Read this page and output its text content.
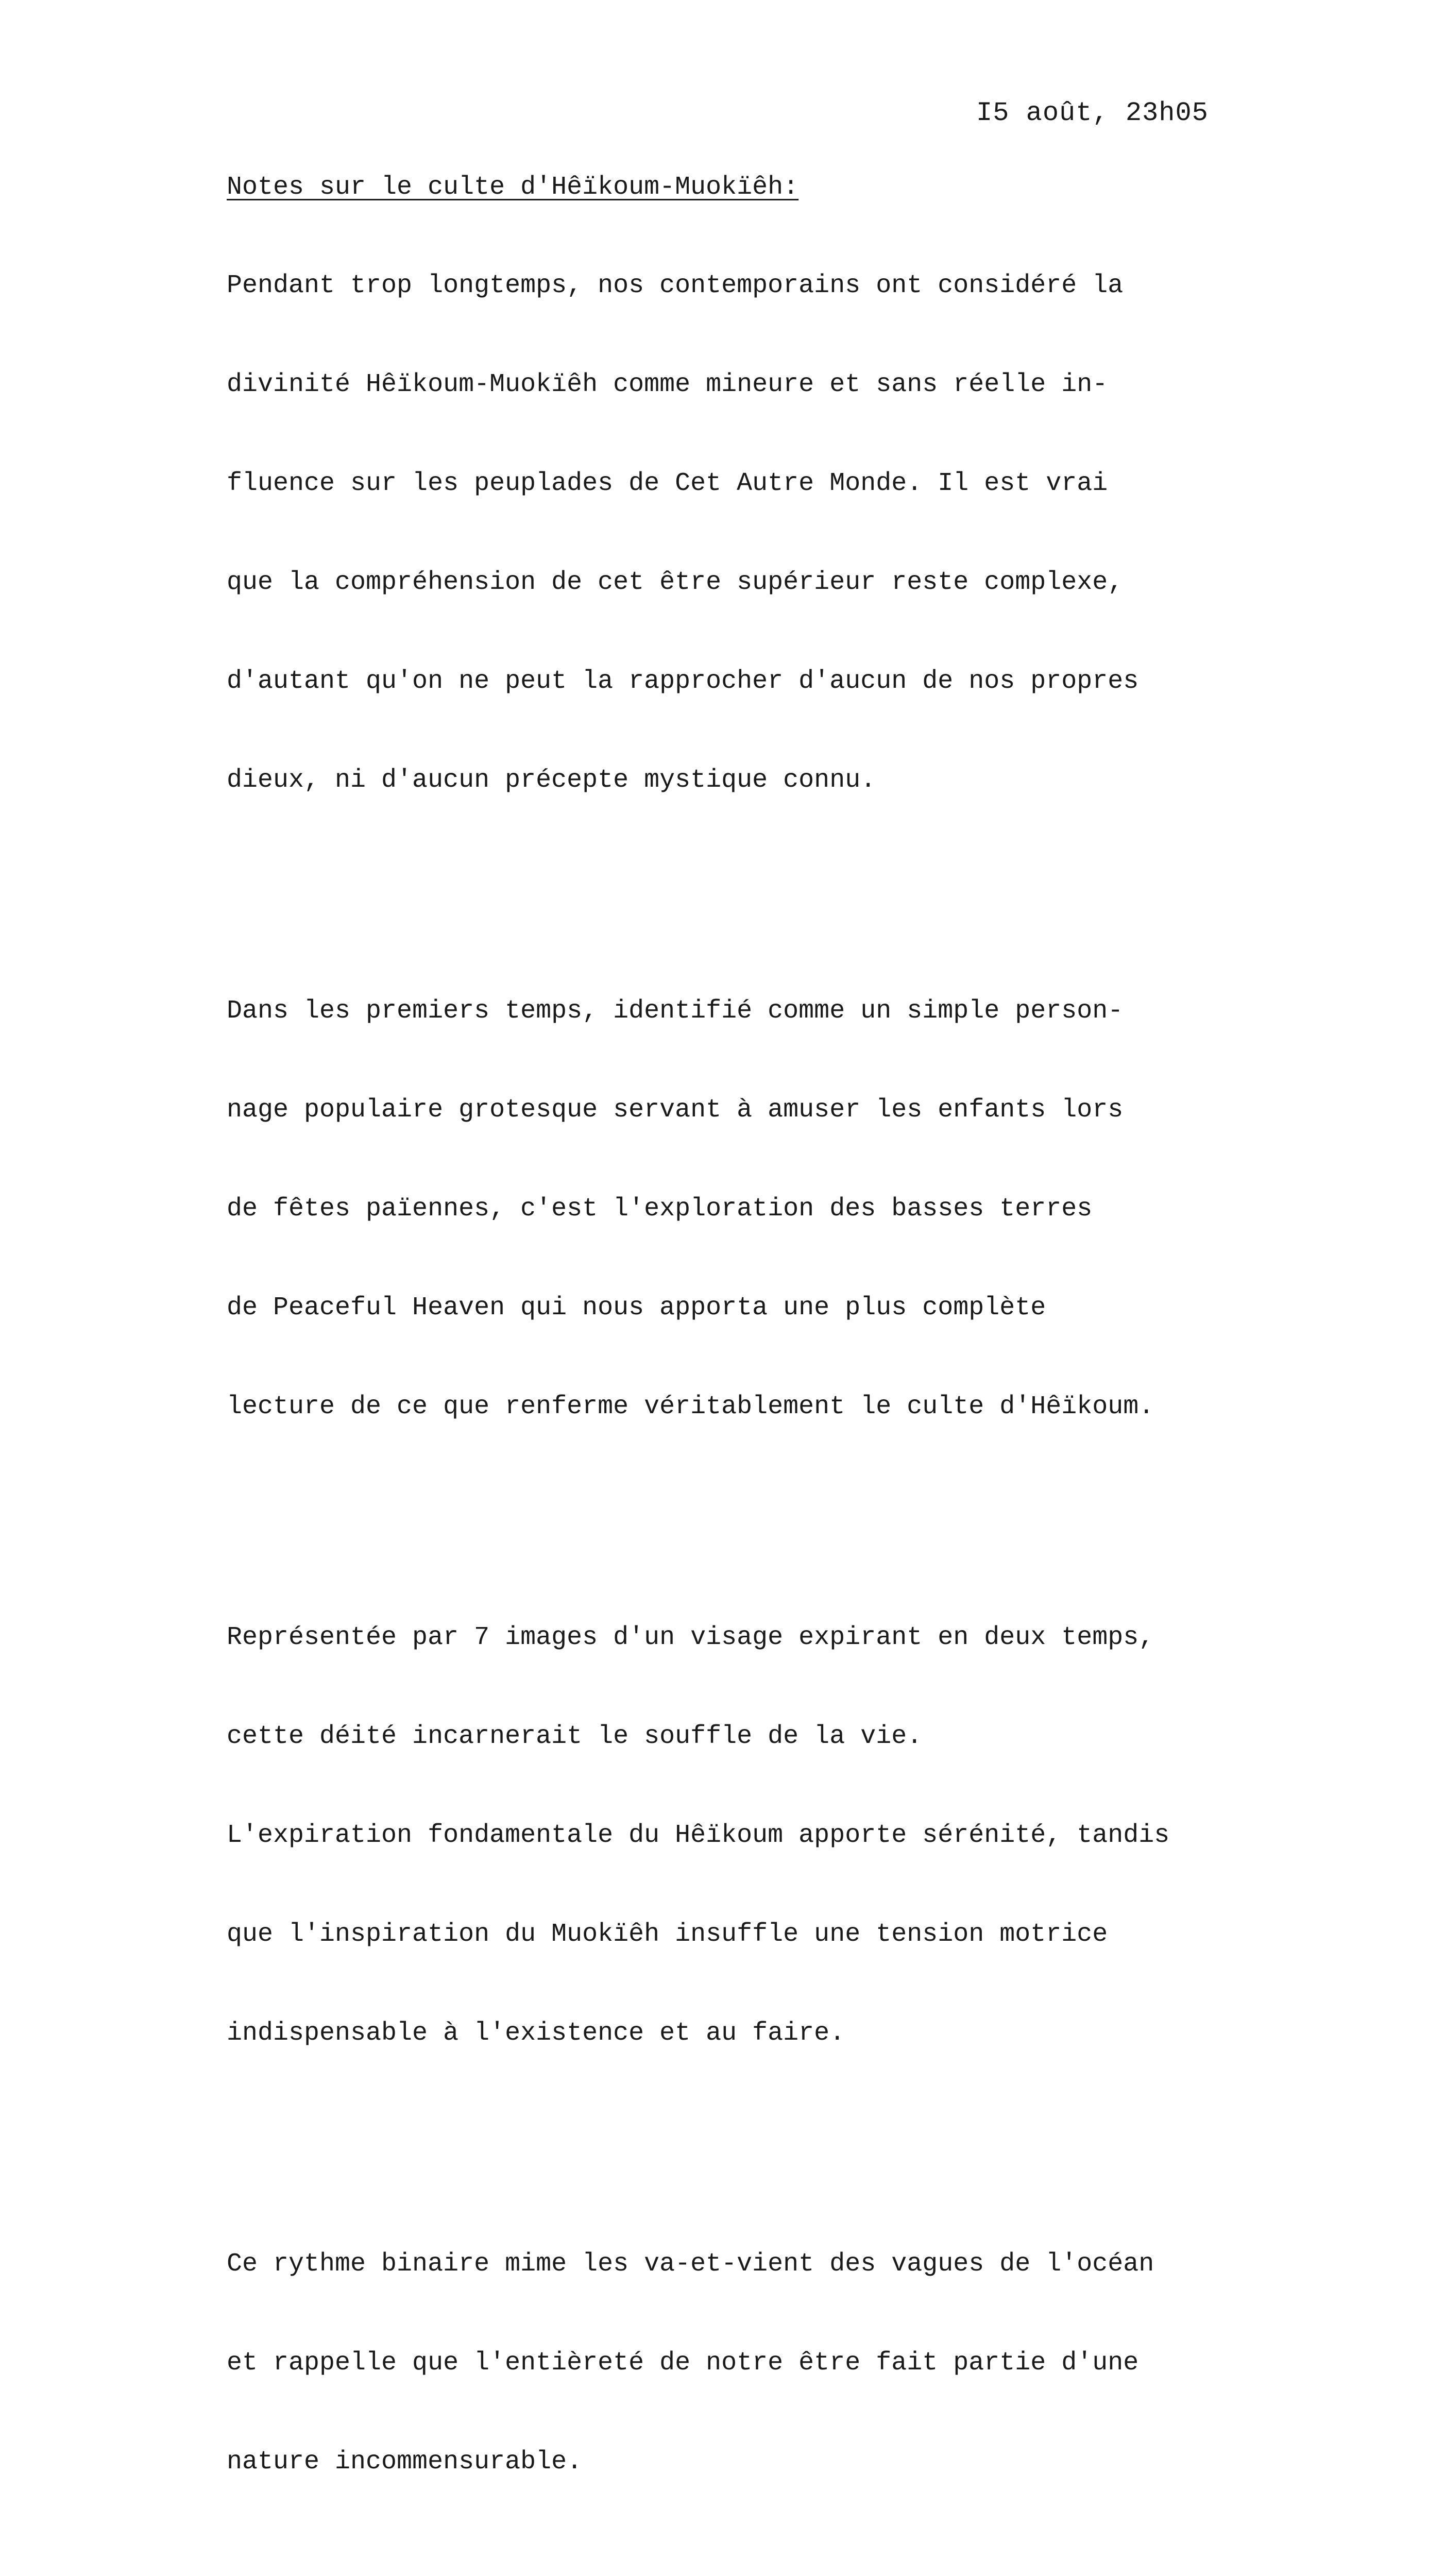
I5 août, 23h05
Notes sur le culte d'Hêïkoum-Muokïêh:

Pendant trop longtemps, nos contemporains ont considéré la

divinité Hêïkoum-Muokïêh comme mineure et sans réelle in-

fluence sur les peuplades de Cet Autre Monde. Il est vrai

que la compréhension de cet être supérieur reste complexe,

d'autant qu'on ne peut la rapprocher d'aucun de nos propres

dieux, ni d'aucun précepte mystique connu.

Dans les premiers temps, identifié comme un simple person-

nage populaire grotesque servant à amuser les enfants lors

de fêtes païennes, c'est l'exploration des basses terres

de Peaceful Heaven qui nous apporta une plus complète

lecture de ce que renferme véritablement le culte d'Hêïkoum.

Représentée par 7 images d'un visage expirant en deux temps,

cette déité incarnerait le souffle de la vie.

L'expiration fondamentale du Hêïkoum apporte sérénité, tandis

que l'inspiration du Muokïêh insuffle une tension motrice

indispensable à l'existence et au faire.

Ce rythme binaire mime les va-et-vient des vagues de l'océan

et rappelle que l'entièreté de notre être fait partie d'une

nature incommensurable.
